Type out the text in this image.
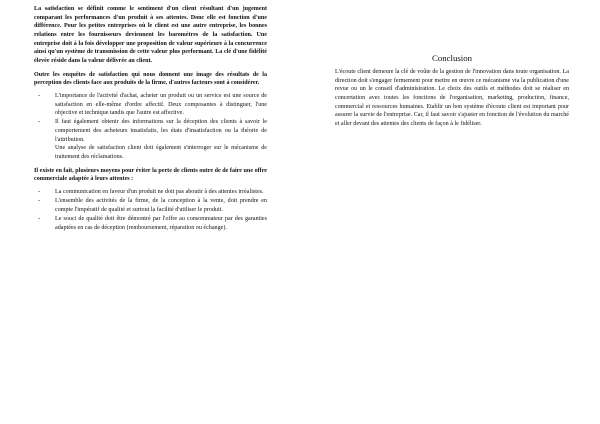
La satisfaction se définit comme le sentiment d'un client résultant d'un jugement comparant les performances d'un produit à ses attentes. Donc elle est fonction d'une différence. Pour les petites entreprises où le client est une autre entreprise, les bonnes relations entre les fournisseurs deviennent les baromètres de la satisfaction. Une entreprise doit à la fois développer une proposition de valeur supérieure à la concurrence ainsi qu'un système de transmission de cette valeur plus performant. La clé d'une fidélité élevée réside dans la valeur délivrée au client.

Outre les enquêtes de satisfaction qui nous donnent une image des résultats de la perception des clients face aux produits de la firme, d'autres facteurs sont à considérer.

- L'importance de l'activité d'achat, acheter un produit ou un service est une source de satisfaction en elle-même d'ordre affectif. Deux composantes à distinguer, l'une objective et technique tandis que l'autre est affective.
- Il faut également obtenir des informations sur la déception des clients à savoir le comportement des acheteurs insatisfaits, les états d'insatisfaction ou la théorie de l'attribution.
Une analyse de satisfaction client doit également s'interroger sur le mécanisme de traitement des réclamations.

Il existe en fait, plusieurs moyens pour éviter la perte de clients outre de de faire une offre commerciale adaptée à leurs attentes :

- La communication en faveur d'un produit ne doit pas aboutir à des attentes irréalistes.
- L'ensemble des activités de la firme, de la conception à la vente, doit prendre en compte l'impératif de qualité et surtout la facilité d'utiliser le produit.
- Le souci de qualité doit être démontré par l'offre au consommateur par des garanties adaptées en cas de déception (remboursement, réparation ou échange).
Conclusion

L'écoute client demeure la clé de voûte de la gestion de l'innovation dans toute organisation. La direction doit s'engager fermement pour mettre en œuvre ce mécanisme via la publication d'une revue ou un le conseil d'administration. Le choix des outils et méthodes doit se réaliser en concertation avec toutes les fonctions de l'organisation, marketing, production, finance, commercial et ressources humaines. Etablir un bon système d'écoute client est important pour assurer la survie de l'entreprise. Car, il faut savoir s'ajuster en fonction de l'évolution du marché et aller devant des attentes des clients de façon à le fidéliser.
